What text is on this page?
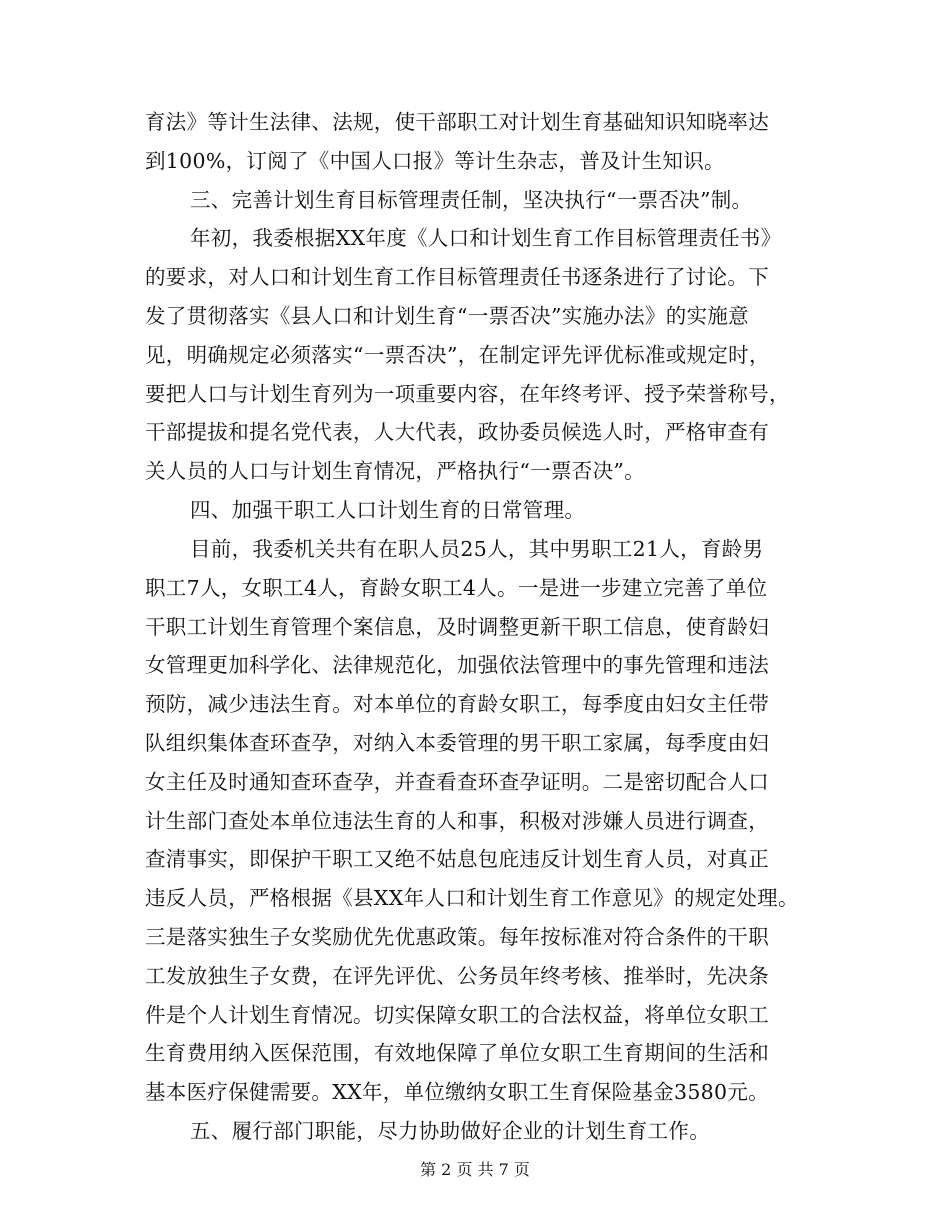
育法》等计生法律、法规，使干部职工对计划生育基础知识知晓率达
到100%，订阅了《中国人口报》等计生杂志，普及计生知识。
三、完善计划生育目标管理责任制，坚决执行“一票否决”制。
年初，我委根据XX年度《人口和计划生育工作目标管理责任书》
的要求，对人口和计划生育工作目标管理责任书逐条进行了讨论。下
发了贯彻落实《县人口和计划生育“一票否决”实施办法》的实施意
见，明确规定必须落实“一票否决”，在制定评先评优标准或规定时，
要把人口与计划生育列为一项重要内容，在年终考评、授予荣誉称号，
干部提拔和提名党代表，人大代表，政协委员候选人时，严格审查有
关人员的人口与计划生育情况，严格执行“一票否决”。
四、加强干职工人口计划生育的日常管理。
目前，我委机关共有在职人员25人，其中男职工21人，育龄男
职工7人，女职工4人，育龄女职工4人。一是进一步建立完善了单位
干职工计划生育管理个案信息，及时调整更新干职工信息，使育龄妇
女管理更加科学化、法律规范化，加强依法管理中的事先管理和违法
预防，减少违法生育。对本单位的育龄女职工，每季度由妇女主任带
队组织集体查环查孕，对纳入本委管理的男干职工家属，每季度由妇
女主任及时通知查环查孕，并查看查环查孕证明。二是密切配合人口
计生部门查处本单位违法生育的人和事，积极对涉嫌人员进行调查，
查清事实，即保护干职工又绝不姑息包庇违反计划生育人员，对真正
违反人员，严格根据《县XX年人口和计划生育工作意见》的规定处理。
三是落实独生子女奖励优先优惠政策。每年按标准对符合条件的干职
工发放独生子女费，在评先评优、公务员年终考核、推举时，先决条
件是个人计划生育情况。切实保障女职工的合法权益，将单位女职工
生育费用纳入医保范围，有效地保障了单位女职工生育期间的生活和
基本医疗保健需要。XX年，单位缴纳女职工生育保险基金3580元。
五、履行部门职能，尽力协助做好企业的计划生育工作。
第 2 页 共 7 页
